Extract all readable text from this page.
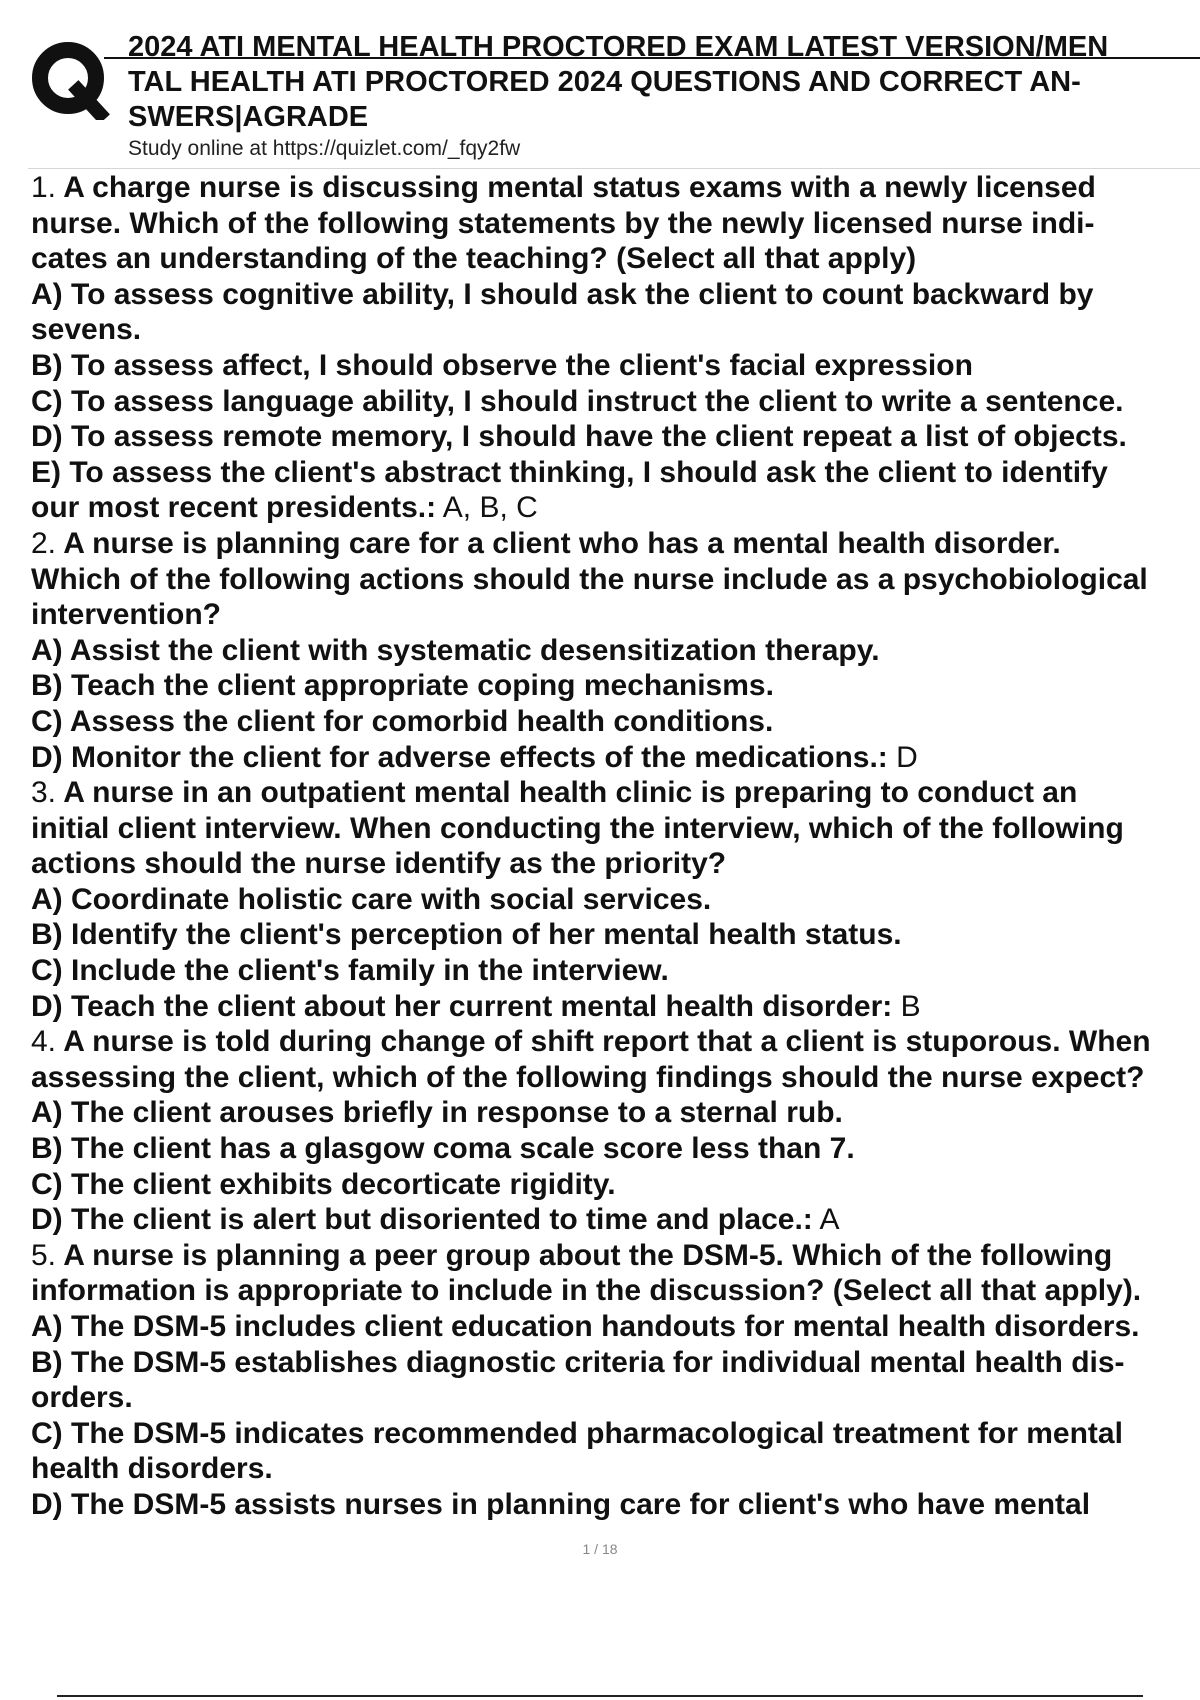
2024 ATI MENTAL HEALTH PROCTORED EXAM LATEST VERSION/MEN
TAL HEALTH ATI PROCTORED 2024 QUESTIONS AND CORRECT AN-
SWERS|AGRADE
Study online at https://quizlet.com/_fqy2fw
1. A charge nurse is discussing mental status exams with a newly licensed
nurse. Which of the following statements by the newly licensed nurse indi-
cates an understanding of the teaching? (Select all that apply)
A) To assess cognitive ability, I should ask the client to count backward by
sevens.
B) To assess affect, I should observe the client's facial expression
C) To assess language ability, I should instruct the client to write a sentence.
D) To assess remote memory, I should have the client repeat a list of objects.
E) To assess the client's abstract thinking, I should ask the client to identify
our most recent presidents.: A, B, C
2. A nurse is planning care for a client who has a mental health disorder.
Which of the following actions should the nurse include as a psychobiological
intervention?
A) Assist the client with systematic desensitization therapy.
B) Teach the client appropriate coping mechanisms.
C) Assess the client for comorbid health conditions.
D) Monitor the client for adverse effects of the medications.: D
3. A nurse in an outpatient mental health clinic is preparing to conduct an
initial client interview. When conducting the interview, which of the following
actions should the nurse identify as the priority?
A) Coordinate holistic care with social services.
B) Identify the client's perception of her mental health status.
C) Include the client's family in the interview.
D) Teach the client about her current mental health disorder: B
4. A nurse is told during change of shift report that a client is stuporous. When
assessing the client, which of the following findings should the nurse expect?
A) The client arouses briefly in response to a sternal rub.
B) The client has a glasgow coma scale score less than 7.
C) The client exhibits decorticate rigidity.
D) The client is alert but disoriented to time and place.: A
5. A nurse is planning a peer group about the DSM-5. Which of the following
information is appropriate to include in the discussion? (Select all that apply).
A) The DSM-5 includes client education handouts for mental health disorders.
B) The DSM-5 establishes diagnostic criteria for individual mental health dis-
orders.
C) The DSM-5 indicates recommended pharmacological treatment for mental
health disorders.
D) The DSM-5 assists nurses in planning care for client's who have mental
1 / 18
